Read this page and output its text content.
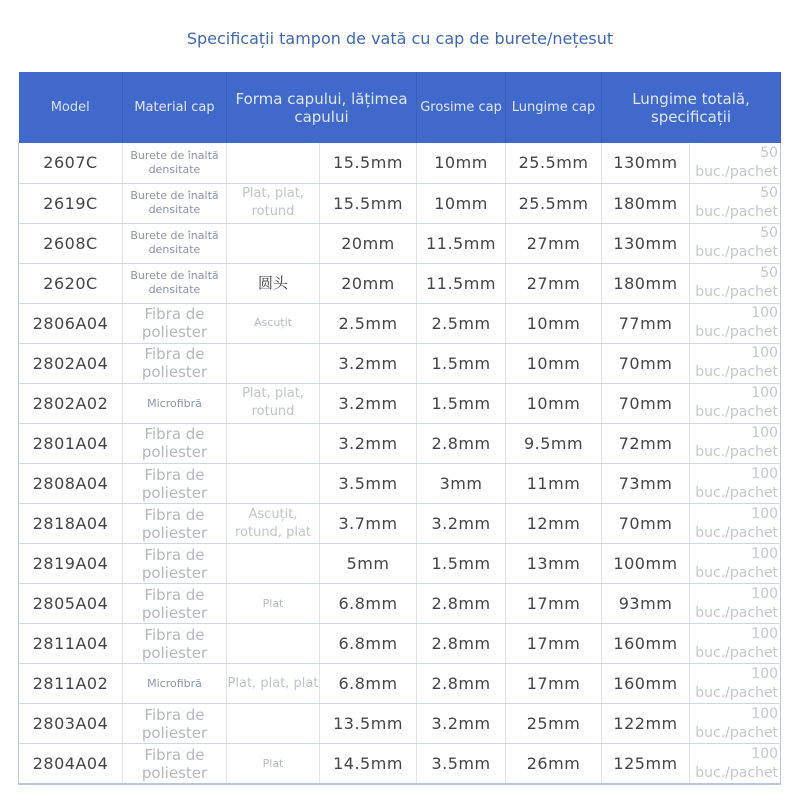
Specificații tampon de vată cu cap de burete/nețesut
Model	Material cap	Forma capului, lățimea capului		Grosime cap	Lungime cap	Lungime totală, specificații	
2607C	Burete de înaltă densitate		15.5mm	10mm	25.5mm	130mm	50 buc./pachet
2619C	Burete de înaltă densitate	Plat, plat, rotund	15.5mm	10mm	25.5mm	180mm	50 buc./pachet
2608C	Burete de înaltă densitate		20mm	11.5mm	27mm	130mm	50 buc./pachet
2620C	Burete de înaltă densitate	圆头	20mm	11.5mm	27mm	180mm	50 buc./pachet
2806A04	Fibra de poliester	Ascuțit	2.5mm	2.5mm	10mm	77mm	100 buc./pachet
2802A04	Fibra de poliester		3.2mm	1.5mm	10mm	70mm	100 buc./pachet
2802A02	Microfibră	Plat, plat, rotund	3.2mm	1.5mm	10mm	70mm	100 buc./pachet
2801A04	Fibra de poliester		3.2mm	2.8mm	9.5mm	72mm	100 buc./pachet
2808A04	Fibra de poliester		3.5mm	3mm	11mm	73mm	100 buc./pachet
2818A04	Fibra de poliester	Ascuțit, rotund, plat	3.7mm	3.2mm	12mm	70mm	100 buc./pachet
2819A04	Fibra de poliester		5mm	1.5mm	13mm	100mm	100 buc./pachet
2805A04	Fibra de poliester	Plat	6.8mm	2.8mm	17mm	93mm	100 buc./pachet
2811A04	Fibra de poliester		6.8mm	2.8mm	17mm	160mm	100 buc./pachet
2811A02	Microfibră	Plat, plat, plat	6.8mm	2.8mm	17mm	160mm	100 buc./pachet
2803A04	Fibra de poliester		13.5mm	3.2mm	25mm	122mm	100 buc./pachet
2804A04	Fibra de poliester	Plat	14.5mm	3.5mm	26mm	125mm	100 buc./pachet
